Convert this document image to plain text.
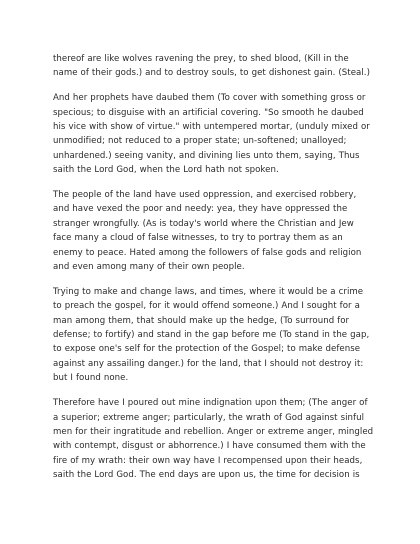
thereof are like wolves ravening the prey, to shed blood, (Kill in the name of their gods.) and to destroy souls, to get dishonest gain. (Steal.)

And her prophets have daubed them (To cover with something gross or specious; to disguise with an artificial covering. "So smooth he daubed his vice with show of virtue." with untempered mortar, (unduly mixed or unmodified; not reduced to a proper state; un-softened; unalloyed; unhardened.) seeing vanity, and divining lies unto them, saying, Thus saith the Lord God, when the Lord hath not spoken.

The people of the land have used oppression, and exercised robbery, and have vexed the poor and needy: yea, they have oppressed the stranger wrongfully. (As is today's world where the Christian and Jew face many a cloud of false witnesses, to try to portray them as an enemy to peace. Hated among the followers of false gods and religion and even among many of their own people.

Trying to make and change laws, and times, where it would be a crime to preach the gospel, for it would offend someone.) And I sought for a man among them, that should make up the hedge, (To surround for defense; to fortify) and stand in the gap before me (To stand in the gap, to expose one's self for the protection of the Gospel; to make defense against any assailing danger.) for the land, that I should not destroy it: but I found none.

Therefore have I poured out mine indignation upon them; (The anger of a superior; extreme anger; particularly, the wrath of God against sinful men for their ingratitude and rebellion. Anger or extreme anger, mingled with contempt, disgust or abhorrence.) I have consumed them with the fire of my wrath: their own way have I recompensed upon their heads, saith the Lord God. The end days are upon us, the time for decision is
